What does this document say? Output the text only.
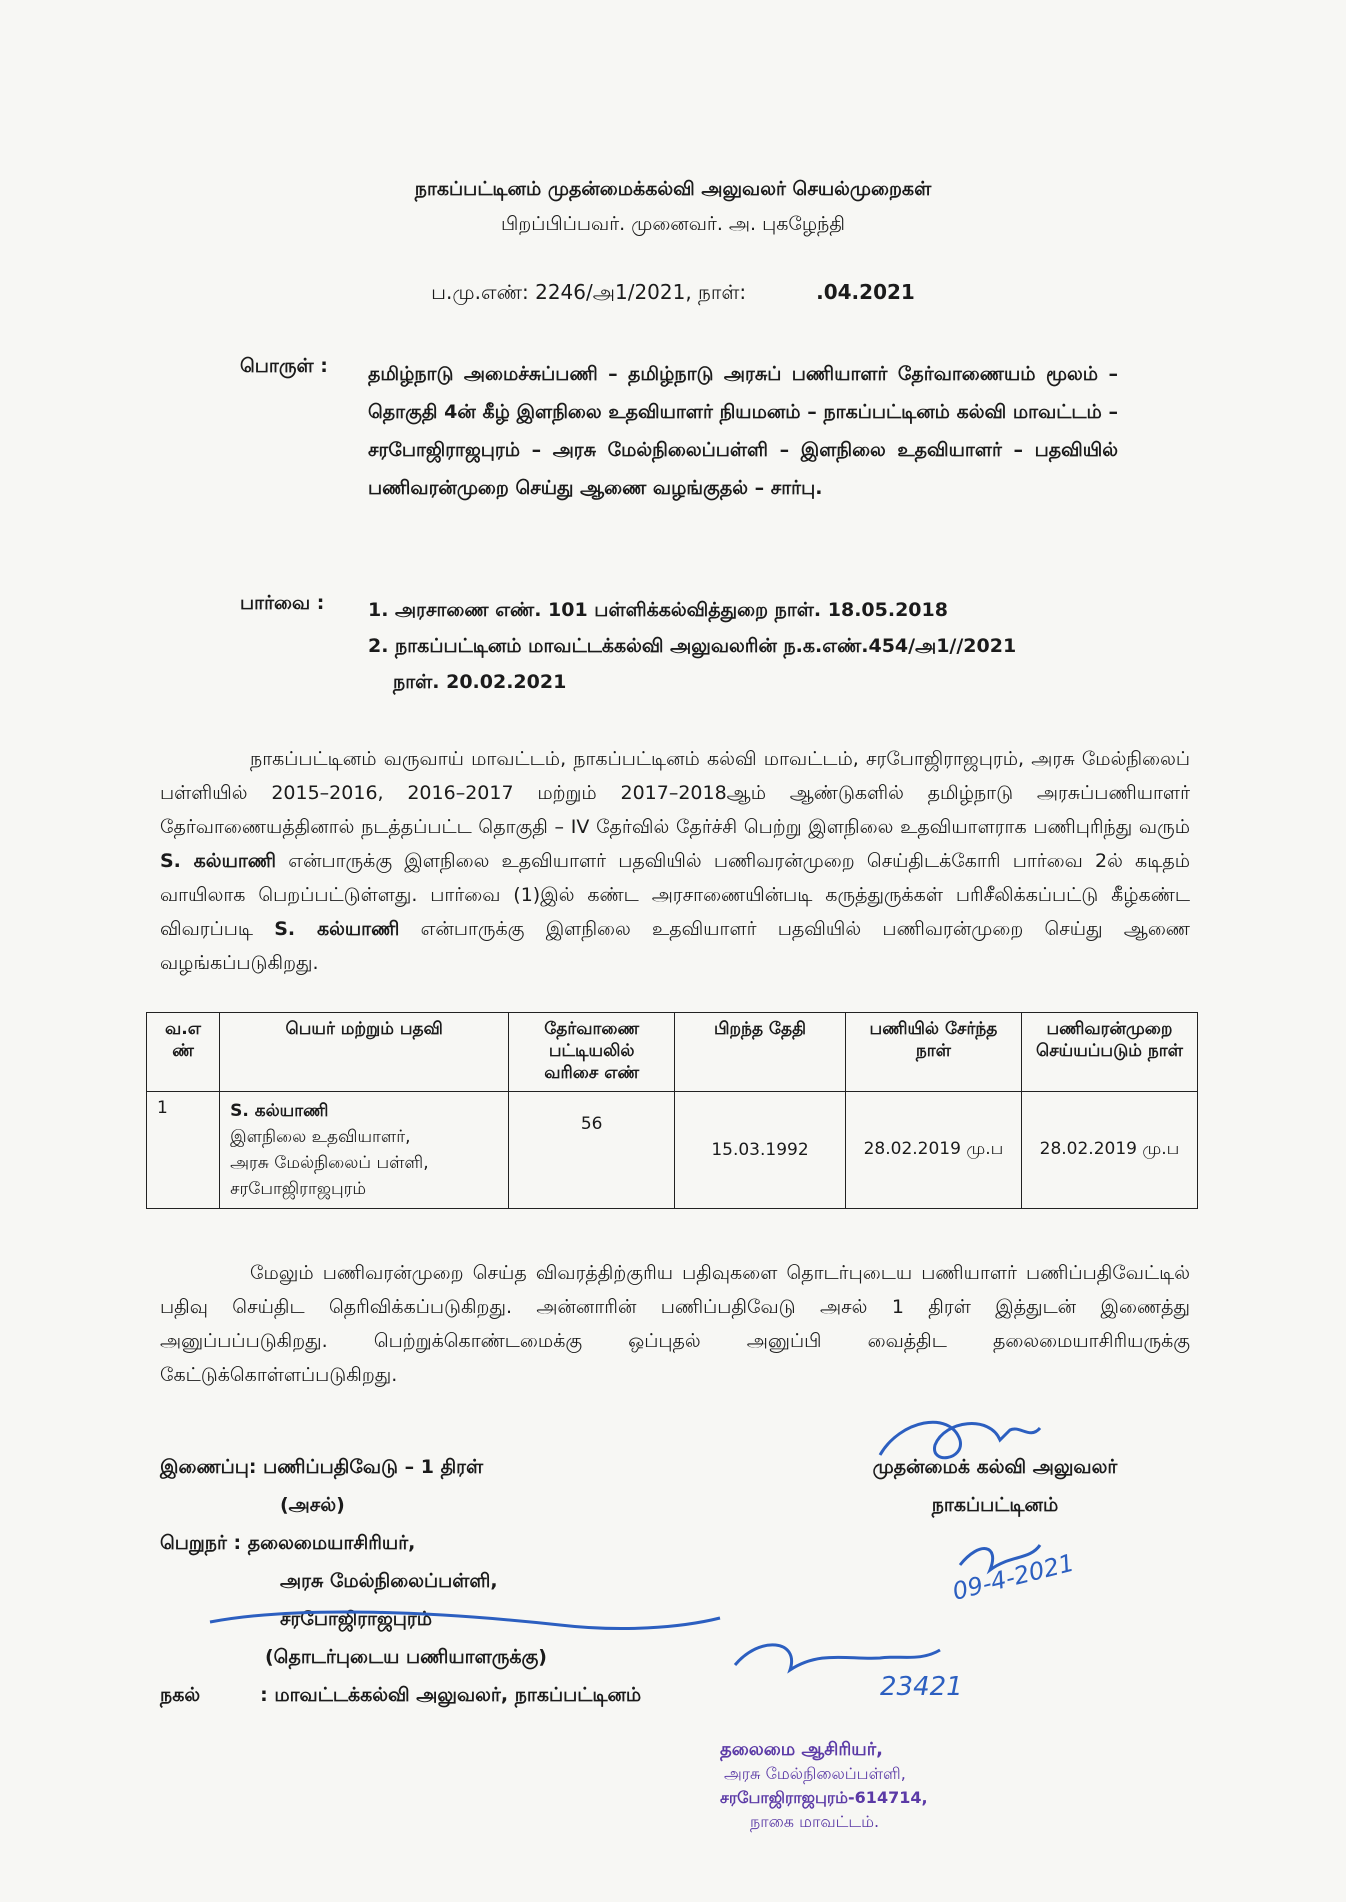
நாகப்பட்டினம் முதன்மைக்கல்வி அலுவலர் செயல்முறைகள்
பிறப்பிப்பவர். முனைவர். அ. புகழேந்தி
ப.மு.எண்: 2246/அ1/2021, நாள்:	.04.2021
பொருள் : தமிழ்நாடு அமைச்சுப்பணி – தமிழ்நாடு அரசுப் பணியாளர் தேர்வாணையம் மூலம் – தொகுதி 4ன் கீழ் இளநிலை உதவியாளர் நியமனம் – நாகப்பட்டினம் கல்வி மாவட்டம் – சரபோஜிராஜபுரம் – அரசு மேல்நிலைப்பள்ளி – இளநிலை உதவியாளர் – பதவியில் பணிவரன்முறை செய்து ஆணை வழங்குதல் – சார்பு.
பார்வை : 1. அரசாணை எண். 101 பள்ளிக்கல்வித்துறை நாள். 18.05.2018
2. நாகப்பட்டினம் மாவட்டக்கல்வி அலுவலரின் ந.க.எண்.454/அ1//2021
நாள். 20.02.2021
நாகப்பட்டினம் வருவாய் மாவட்டம், நாகப்பட்டினம் கல்வி மாவட்டம், சரபோஜிராஜபுரம், அரசு மேல்நிலைப் பள்ளியில் 2015–2016, 2016–2017 மற்றும் 2017–2018ஆம் ஆண்டுகளில் தமிழ்நாடு அரசுப்பணியாளர் தேர்வாணையத்தினால் நடத்தப்பட்ட தொகுதி – IV தேர்வில் தேர்ச்சி பெற்று இளநிலை உதவியாளராக பணிபுரிந்து வரும் S. கல்யாணி என்பாருக்கு இளநிலை உதவியாளர் பதவியில் பணிவரன்முறை செய்திடக்கோரி பார்வை 2ல் கடிதம் வாயிலாக பெறப்பட்டுள்ளது. பார்வை (1)இல் கண்ட அரசாணையின்படி கருத்துருக்கள் பரிசீலிக்கப்பட்டு கீழ்கண்ட விவரப்படி S. கல்யாணி என்பாருக்கு இளநிலை உதவியாளர் பதவியில் பணிவரன்முறை செய்து ஆணை வழங்கப்படுகிறது.
வ.எ ண்	பெயர் மற்றும் பதவி	தேர்வாணை பட்டியலில் வரிசை எண்	பிறந்த தேதி	பணியில் சேர்ந்த நாள்	பணிவரன்முறை செய்யப்படும் நாள்
1	S. கல்யாணி
இளநிலை உதவியாளர்,
அரசு மேல்நிலைப் பள்ளி,
சரபோஜிராஜபுரம்	56	15.03.1992	28.02.2019 மு.ப	28.02.2019 மு.ப
மேலும் பணிவரன்முறை செய்த விவரத்திற்குரிய பதிவுகளை தொடர்புடைய பணியாளர் பணிப்பதிவேட்டில் பதிவு செய்திட தெரிவிக்கப்படுகிறது. அன்னாரின் பணிப்பதிவேடு அசல் 1 திரள் இத்துடன் இணைத்து அனுப்பப்படுகிறது. பெற்றுக்கொண்டமைக்கு ஒப்புதல் அனுப்பி வைத்திட தலைமையாசிரியருக்கு கேட்டுக்கொள்ளப்படுகிறது.
இணைப்பு: பணிப்பதிவேடு – 1 திரள்
(அசல்)
பெறுநர் : தலைமையாசிரியர்,
அரசு மேல்நிலைப்பள்ளி,
சரபோஜிராஜபுரம்
(தொடர்புடைய பணியாளருக்கு)
நகல்	: மாவட்டக்கல்வி அலுவலர், நாகப்பட்டினம்
முதன்மைக் கல்வி அலுவலர்
நாகப்பட்டினம்
09-4-2021
23421
தலைமை ஆசிரியர்,
அரசு மேல்நிலைப்பள்ளி,
சரபோஜிராஜபுரம்-614714,
நாகை மாவட்டம்.
